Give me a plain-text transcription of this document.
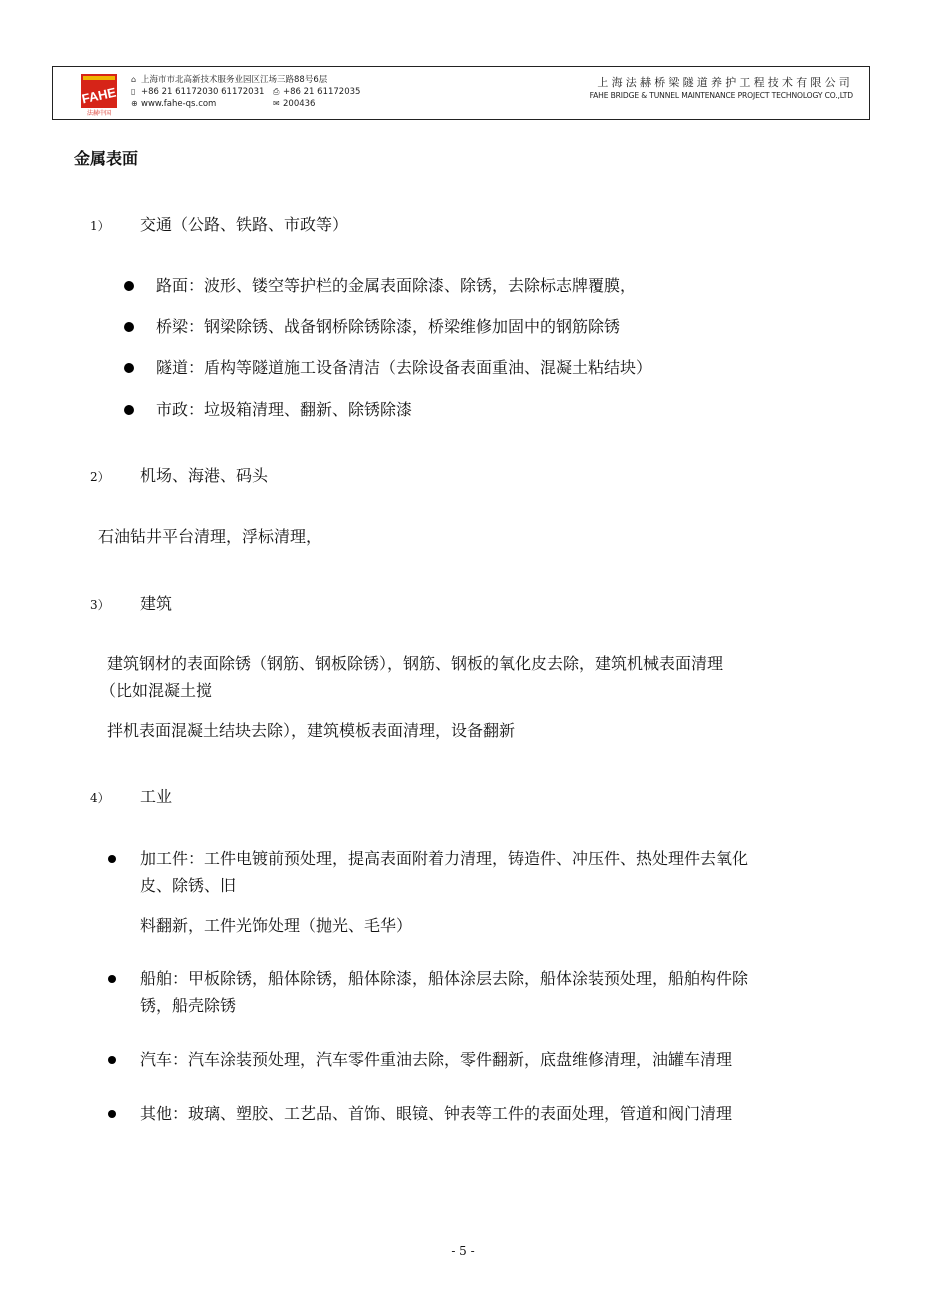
FAHE
法赫中国
⌂ 上海市市北高新技术服务业园区江场三路88号6层
▯ +86 21 61172030 61172031 ⎙ +86 21 61172035
⊕ www.fahe-qs.com	✉ 200436
上海法赫桥梁隧道养护工程技术有限公司
FAHE BRIDGE & TUNNEL MAINTENANCE PROJECT TECHNOLOGY CO.,LTD
金属表面
1） 交通（公路、铁路、市政等）
路面：波形、镂空等护栏的金属表面除漆、除锈，去除标志牌覆膜，
桥梁：钢梁除锈、战备钢桥除锈除漆，桥梁维修加固中的钢筋除锈
隧道：盾构等隧道施工设备清洁（去除设备表面重油、混凝土粘结块）
市政：垃圾箱清理、翻新、除锈除漆
2） 机场、海港、码头
石油钻井平台清理，浮标清理，
3） 建筑
建筑钢材的表面除锈（钢筋、钢板除锈），钢筋、钢板的氧化皮去除，建筑机械表面清理
（比如混凝土搅
拌机表面混凝土结块去除），建筑模板表面清理，设备翻新
4） 工业
加工件：工件电镀前预处理，提高表面附着力清理，铸造件、冲压件、热处理件去氧化
皮、除锈、旧
料翻新，工件光饰处理（抛光、毛华）
船舶：甲板除锈，船体除锈，船体除漆，船体涂层去除，船体涂装预处理，船舶构件除
锈，船壳除锈
汽车：汽车涂装预处理，汽车零件重油去除，零件翻新，底盘维修清理，油罐车清理
其他：玻璃、塑胶、工艺品、首饰、眼镜、钟表等工件的表面处理，管道和阀门清理
- 5 -
